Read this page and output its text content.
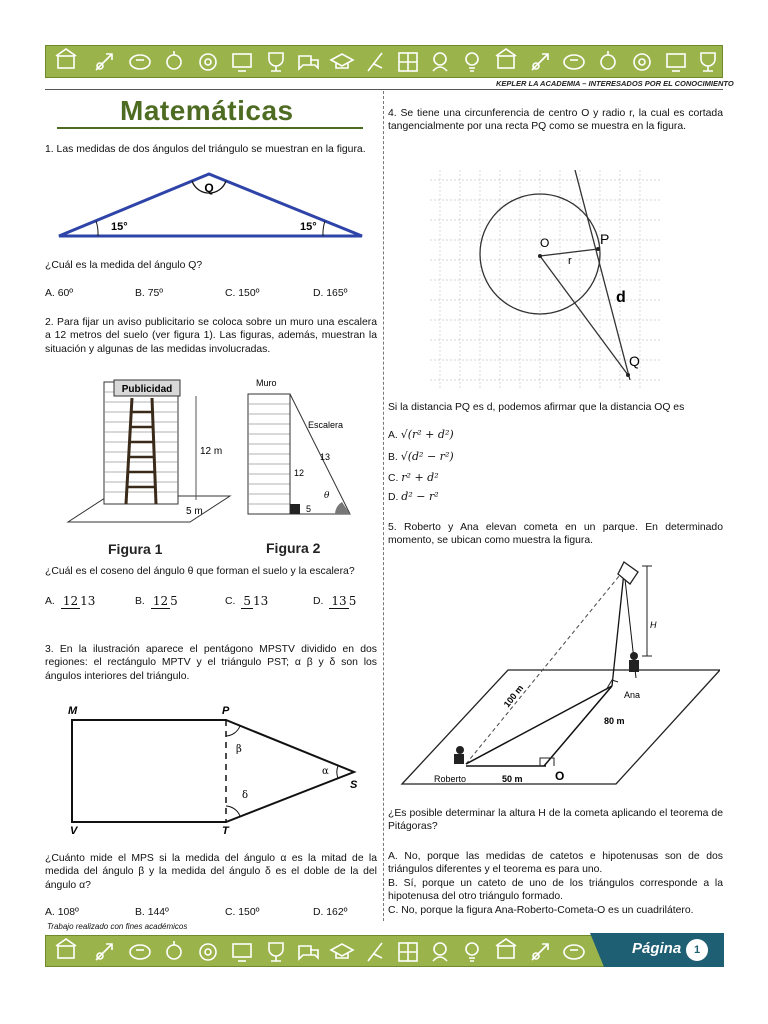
KEPLER LA ACADEMIA – INTERESADOS POR EL CONOCIMIENTO
Matemáticas
1. Las medidas de dos ángulos del triángulo se muestran en la figura.
Q
15°	15°
¿Cuál es la medida del ángulo Q?
A. 60º	B. 75º	C. 150º	D. 165º
2. Para fijar un aviso publicitario se coloca sobre un muro una escalera a 12 metros del suelo (ver figura 1). Las figuras, además, muestran la situación y algunas de las medidas involucradas.
Publicidad
12 m
5 m
Figura 1
Muro
Escalera
13
12
5
θ
Figura 2
¿Cuál es el coseno del ángulo θ que forman el suelo y la escalera?
A. 12 13	B. 12 5	C. 5 13	D. 13 5
3. En la ilustración aparece el pentágono MPSTV dividido en dos regiones: el rectángulo MPTV y el triángulo PST; α β y δ son los ángulos interiores del triángulo.
M	P
S
T
V
β
α
δ
¿Cuánto mide el MPS si la medida del ángulo α es la mitad de la medida del ángulo β y la medida del ángulo δ es el doble de la del ángulo α?
A. 108º	B. 144º	C. 150º	D. 162º
4. Se tiene una circunferencia de centro O y radio r, la cual es cortada tangencialmente por una recta PQ como se muestra en la figura.
O	P
r
d
Q
Si la distancia PQ es d, podemos afirmar que la distancia OQ es
A. √(r² + d²)
B. √(d² − r²)
C. r² + d²
D. d² − r²
5. Roberto y Ana elevan cometa en un parque. En determinado momento, se ubican como muestra la figura.
Ana
Roberto
H
100 m
80 m
50 m	O
¿Es posible determinar la altura H de la cometa aplicando el teorema de Pitágoras?
A. No, porque las medidas de catetos e hipotenusas son de dos triángulos diferentes y el teorema es para uno.
B. Sí, porque un cateto de uno de los triángulos corresponde a la hipotenusa del otro triángulo formado.
C. No, porque la figura Ana-Roberto-Cometa-O es un cuadrilátero.
Trabajo realizado con fines académicos
Página	1
